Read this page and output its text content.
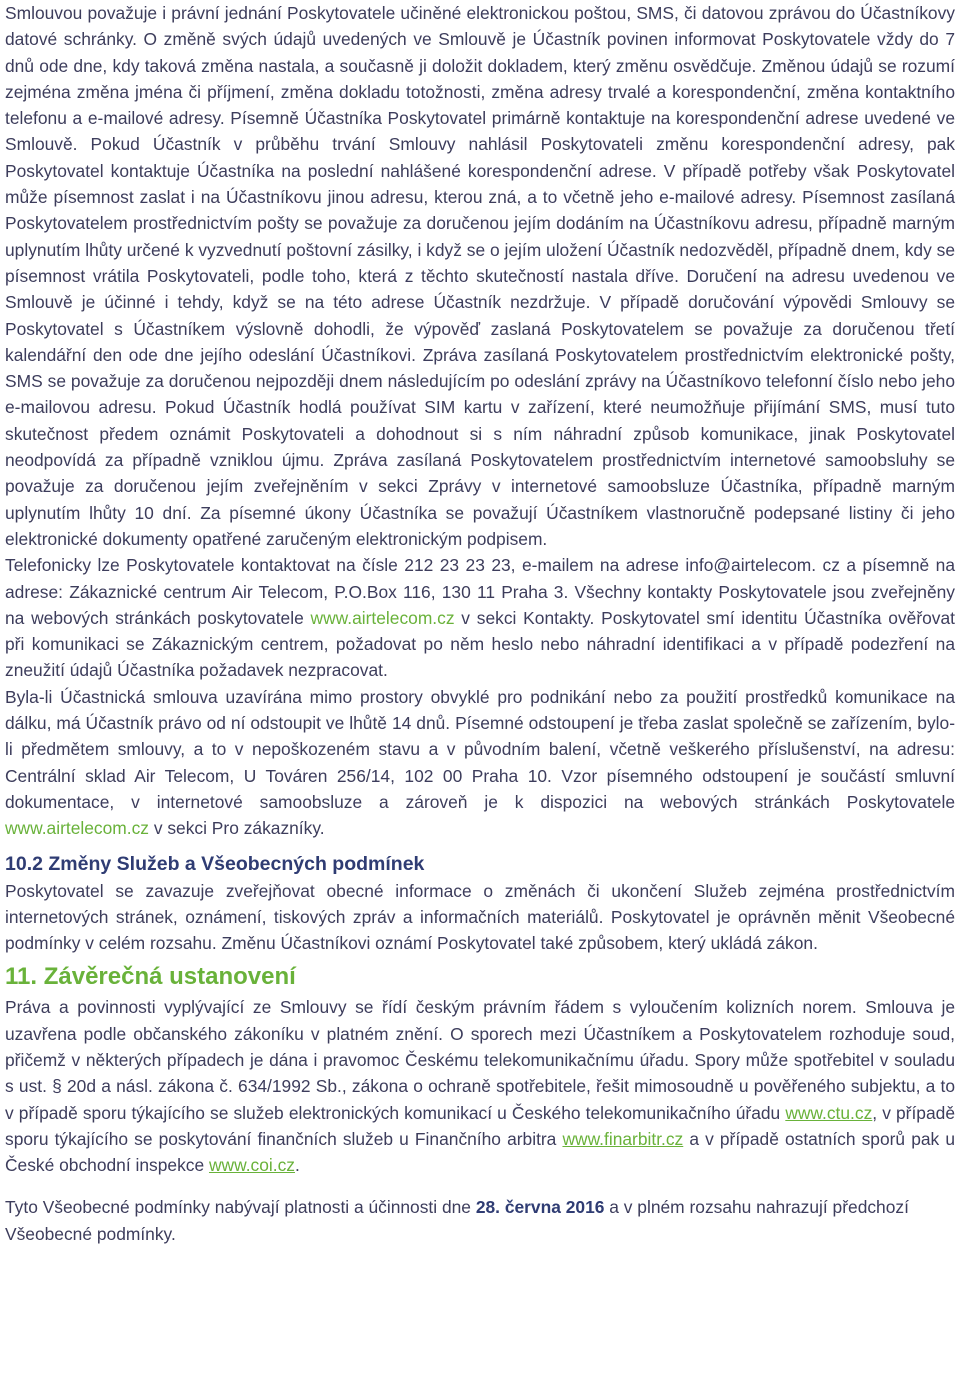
Smlouvou považuje i právní jednání Poskytovatele učiněné elektronickou poštou, SMS, či datovou zprávou do Účastníkovy datové schránky. O změně svých údajů uvedených ve Smlouvě je Účastník povinen informovat Poskytovatele vždy do 7 dnů ode dne, kdy taková změna nastala, a současně ji doložit dokladem, který změnu osvědčuje. Změnou údajů se rozumí zejména změna jména či příjmení, změna dokladu totožnosti, změna adresy trvalé a korespondenční, změna kontaktního telefonu a e-mailové adresy. Písemně Účastníka Poskytovatel primárně kontaktuje na korespondenční adrese uvedené ve Smlouvě. Pokud Účastník v průběhu trvání Smlouvy nahlásil Poskytovateli změnu korespondenční adresy, pak Poskytovatel kontaktuje Účastníka na poslední nahlášené korespondenční adrese. V případě potřeby však Poskytovatel může písemnost zaslat i na Účastníkovu jinou adresu, kterou zná, a to včetně jeho e-mailové adresy. Písemnost zasílaná Poskytovatelem prostřednictvím pošty se považuje za doručenou jejím dodáním na Účastníkovu adresu, případně marným uplynutím lhůty určené k vyzvednutí poštovní zásilky, i když se o jejím uložení Účastník nedozvěděl, případně dnem, kdy se písemnost vrátila Poskytovateli, podle toho, která z těchto skutečností nastala dříve. Doručení na adresu uvedenou ve Smlouvě je účinné i tehdy, když se na této adrese Účastník nezdržuje. V případě doručování výpovědi Smlouvy se Poskytovatel s Účastníkem výslovně dohodli, že výpověď zaslaná Poskytovatelem se považuje za doručenou třetí kalendářní den ode dne jejího odeslání Účastníkovi. Zpráva zasílaná Poskytovatelem prostřednictvím elektronické pošty, SMS se považuje za doručenou nejpozději dnem následujícím po odeslání zprávy na Účastníkovo telefonní číslo nebo jeho e-mailovou adresu. Pokud Účastník hodlá používat SIM kartu v zařízení, které neumožňuje přijímání SMS, musí tuto skutečnost předem oznámit Poskytovateli a dohodnout si s ním náhradní způsob komunikace, jinak Poskytovatel neodpovídá za případně vzniklou újmu. Zpráva zasílaná Poskytovatelem prostřednictvím internetové samoobsluhy se považuje za doručenou jejím zveřejněním v sekci Zprávy v internetové samoobsluze Účastníka, případně marným uplynutím lhůty 10 dní. Za písemné úkony Účastníka se považují Účastníkem vlastnoručně podepsané listiny či jeho elektronické dokumenty opatřené zaručeným elektronickým podpisem.

Telefonicky lze Poskytovatele kontaktovat na čísle 212 23 23 23, e-mailem na adrese info@airtelecom. cz a písemně na adrese: Zákaznické centrum Air Telecom, P.O.Box 116, 130 11 Praha 3. Všechny kontakty Poskytovatele jsou zveřejněny na webových stránkách poskytovatele www.airtelecom.cz v sekci Kontakty. Poskytovatel smí identitu Účastníka ověřovat při komunikaci se Zákaznickým centrem, požadovat po něm heslo nebo náhradní identifikaci a v případě podezření na zneužití údajů Účastníka požadavek nezpracovat.

Byla-li Účastnická smlouva uzavírána mimo prostory obvyklé pro podnikání nebo za použití prostředků komunikace na dálku, má Účastník právo od ní odstoupit ve lhůtě 14 dnů. Písemné odstoupení je třeba zaslat společně se zařízením, bylo-li předmětem smlouvy, a to v nepoškozeném stavu a v původním balení, včetně veškerého příslušenství, na adresu: Centrální sklad Air Telecom, U Továren 256/14, 102 00 Praha 10. Vzor písemného odstoupení je součástí smluvní dokumentace, v internetové samoobsluze a zároveň je k dispozici na webových stránkách Poskytovatele www.airtelecom.cz v sekci Pro zákazníky.

10.2 Změny Služeb a Všeobecných podmínek

Poskytovatel se zavazuje zveřejňovat obecné informace o změnách či ukončení Služeb zejména prostřednictvím internetových stránek, oznámení, tiskových zpráv a informačních materiálů. Poskytovatel je oprávněn měnit Všeobecné podmínky v celém rozsahu. Změnu Účastníkovi oznámí Poskytovatel také způsobem, který ukládá zákon.

11. Závěrečná ustanovení

Práva a povinnosti vyplývající ze Smlouvy se řídí českým právním řádem s vyloučením kolizních norem. Smlouva je uzavřena podle občanského zákoníku v platném znění. O sporech mezi Účastníkem a Poskytovatelem rozhoduje soud, přičemž v některých případech je dána i pravomoc Českému telekomunikačnímu úřadu. Spory může spotřebitel v souladu s ust. § 20d a násl. zákona č. 634/1992 Sb., zákona o ochraně spotřebitele, řešit mimosoudně u pověřeného subjektu, a to v případě sporu týkajícího se služeb elektronických komunikací u Českého telekomunikačního úřadu www.ctu.cz, v případě sporu týkajícího se poskytování finančních služeb u Finančního arbitra www.finarbitr.cz a v případě ostatních sporů pak u České obchodní inspekce www.coi.cz.

Tyto Všeobecné podmínky nabývají platnosti a účinnosti dne 28. června 2016 a v plném rozsahu nahrazují předchozí Všeobecné podmínky.
